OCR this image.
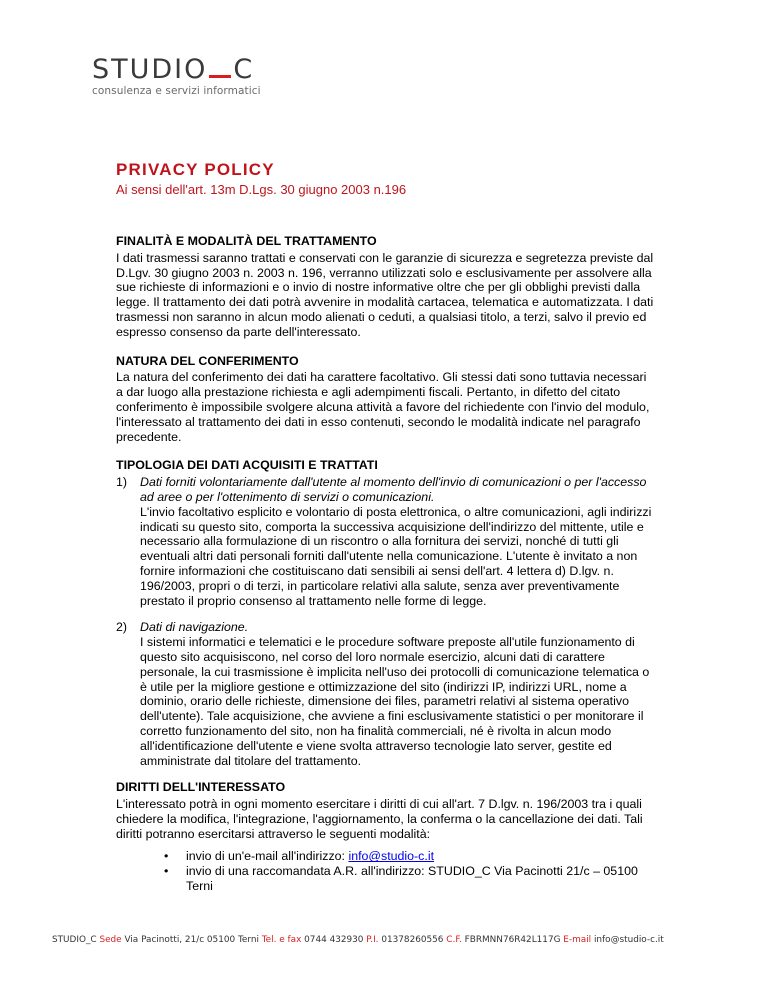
STUDIO C
consulenza e servizi informatici
PRIVACY POLICY

Ai sensi dell'art. 13m D.Lgs. 30 giugno 2003 n.196

FINALITÀ E MODALITÀ DEL TRATTAMENTO

I dati trasmessi saranno trattati e conservati con le garanzie di sicurezza e segretezza previste dal D.Lgv. 30 giugno 2003 n. 2003 n. 196, verranno utilizzati solo e esclusivamente per assolvere alla sue richieste di informazioni e o invio di nostre informative oltre che per gli obblighi previsti dalla legge. Il trattamento dei dati potrà avvenire in modalità cartacea, telematica e automatizzata. I dati trasmessi non saranno in alcun modo alienati o ceduti, a qualsiasi titolo, a terzi, salvo il previo ed espresso consenso da parte dell'interessato.

NATURA DEL CONFERIMENTO

La natura del conferimento dei dati ha carattere facoltativo. Gli stessi dati sono tuttavia necessari a dar luogo alla prestazione richiesta e agli adempimenti fiscali. Pertanto, in difetto del citato conferimento è impossibile svolgere alcuna attività a favore del richiedente con l'invio del modulo, l'interessato al trattamento dei dati in esso contenuti, secondo le modalità indicate nel paragrafo precedente.

TIPOLOGIA DEI DATI ACQUISITI E TRATTATI
1) Dati forniti volontariamente dall'utente al momento dell'invio di comunicazioni o per l'accesso ad aree o per l'ottenimento di servizi o comunicazioni.
L'invio facoltativo esplicito e volontario di posta elettronica, o altre comunicazioni, agli indirizzi indicati su questo sito, comporta la successiva acquisizione dell'indirizzo del mittente, utile e necessario alla formulazione di un riscontro o alla fornitura dei servizi, nonché di tutti gli eventuali altri dati personali forniti dall'utente nella comunicazione. L'utente è invitato a non fornire informazioni che costituiscano dati sensibili ai sensi dell'art. 4 lettera d) D.lgv. n. 196/2003, propri o di terzi, in particolare relativi alla salute, senza aver preventivamente prestato il proprio consenso al trattamento nelle forme di legge.
2) Dati di navigazione.
I sistemi informatici e telematici e le procedure software preposte all'utile funzionamento di questo sito acquisiscono, nel corso del loro normale esercizio, alcuni dati di carattere personale, la cui trasmissione è implicita nell'uso dei protocolli di comunicazione telematica o è utile per la migliore gestione e ottimizzazione del sito (indirizzi IP, indirizzi URL, nome a dominio, orario delle richieste, dimensione dei files, parametri relativi al sistema operativo dell'utente). Tale acquisizione, che avviene a fini esclusivamente statistici o per monitorare il corretto funzionamento del sito, non ha finalità commerciali, né è rivolta in alcun modo all'identificazione dell'utente e viene svolta attraverso tecnologie lato server, gestite ed amministrate dal titolare del trattamento.
DIRITTI DELL'INTERESSATO

L'interessato potrà in ogni momento esercitare i diritti di cui all'art. 7 D.lgv. n. 196/2003 tra i quali chiedere la modifica, l'integrazione, l'aggiornamento, la conferma o la cancellazione dei dati. Tali diritti potranno esercitarsi attraverso le seguenti modalità:

• invio di un'e-mail all'indirizzo: info@studio-c.it
• invio di una raccomandata A.R. all'indirizzo: STUDIO_C Via Pacinotti 21/c – 05100 Terni
STUDIO_C Sede Via Pacinotti, 21/c 05100 Terni Tel. e fax 0744 432930 P.I. 01378260556 C.F. FBRMNN76R42L117G E-mail info@studio-c.it
